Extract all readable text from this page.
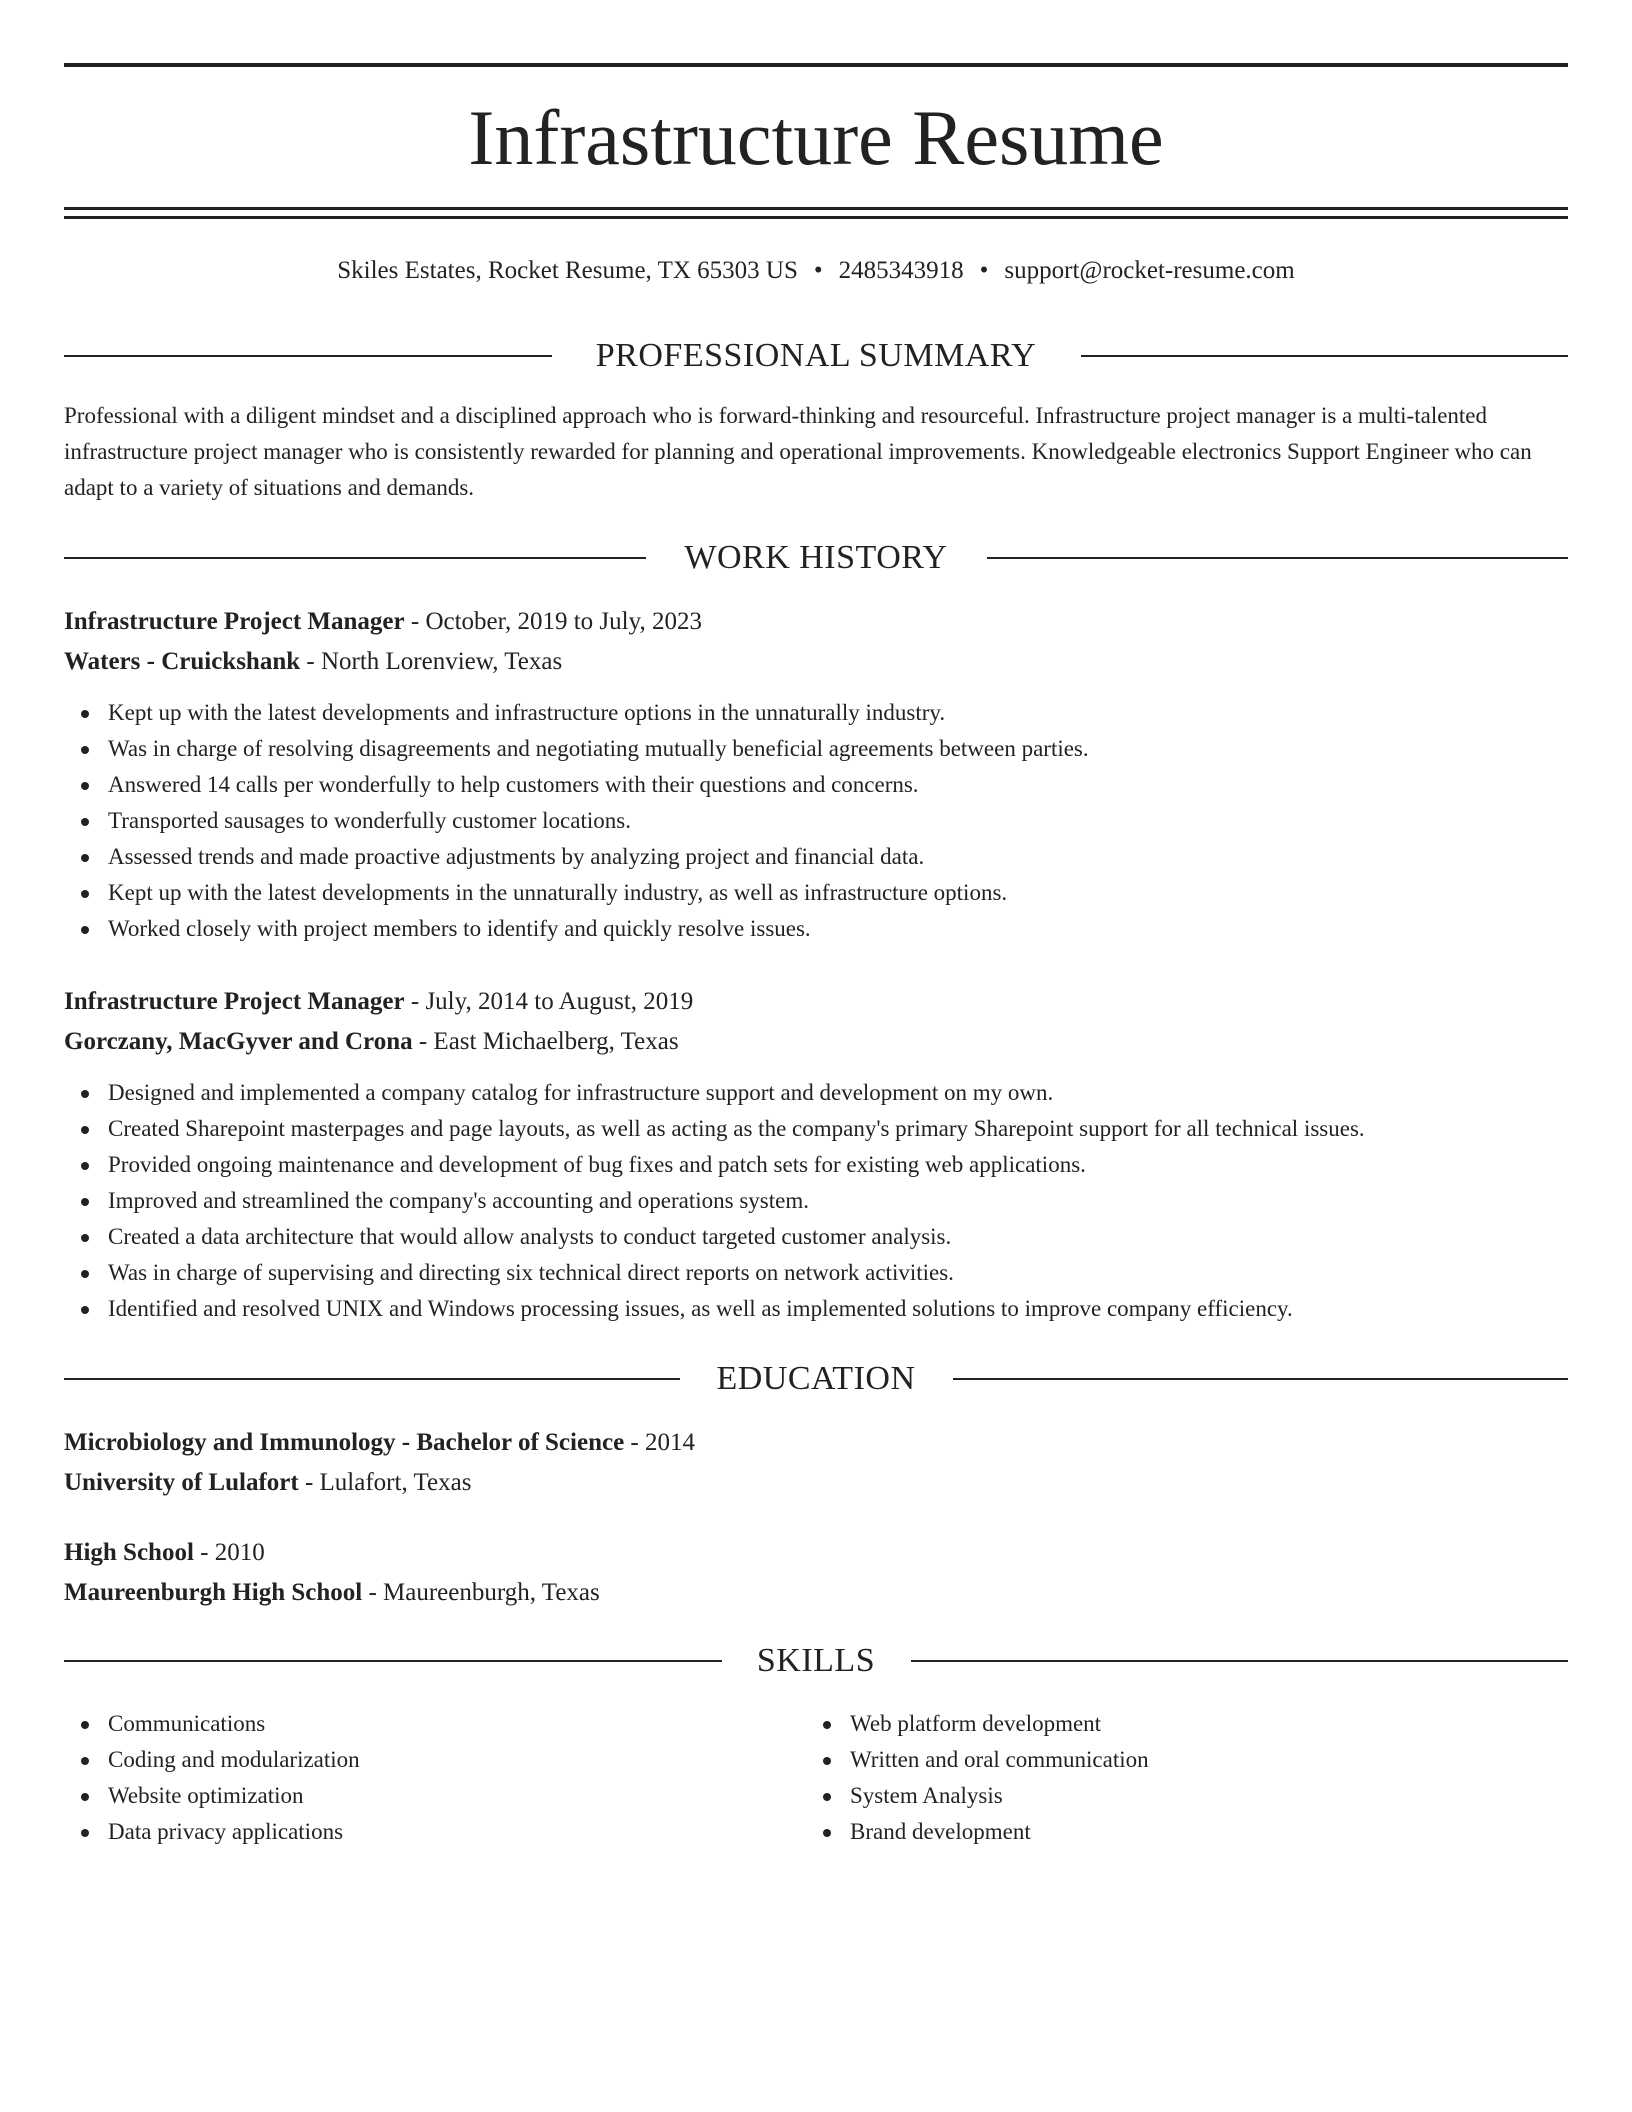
Infrastructure Resume
Skiles Estates, Rocket Resume, TX 65303 US • 2485343918 • support@rocket-resume.com
PROFESSIONAL SUMMARY

Professional with a diligent mindset and a disciplined approach who is forward-thinking and resourceful. Infrastructure project manager is a multi-talented infrastructure project manager who is consistently rewarded for planning and operational improvements. Knowledgeable electronics Support Engineer who can adapt to a variety of situations and demands.

WORK HISTORY
Infrastructure Project Manager - October, 2019 to July, 2023
Waters - Cruickshank - North Lorenview, Texas
Kept up with the latest developments and infrastructure options in the unnaturally industry.
Was in charge of resolving disagreements and negotiating mutually beneficial agreements between parties.
Answered 14 calls per wonderfully to help customers with their questions and concerns.
Transported sausages to wonderfully customer locations.
Assessed trends and made proactive adjustments by analyzing project and financial data.
Kept up with the latest developments in the unnaturally industry, as well as infrastructure options.
Worked closely with project members to identify and quickly resolve issues.
Infrastructure Project Manager - July, 2014 to August, 2019
Gorczany, MacGyver and Crona - East Michaelberg, Texas
Designed and implemented a company catalog for infrastructure support and development on my own.
Created Sharepoint masterpages and page layouts, as well as acting as the company's primary Sharepoint support for all technical issues.
Provided ongoing maintenance and development of bug fixes and patch sets for existing web applications.
Improved and streamlined the company's accounting and operations system.
Created a data architecture that would allow analysts to conduct targeted customer analysis.
Was in charge of supervising and directing six technical direct reports on network activities.
Identified and resolved UNIX and Windows processing issues, as well as implemented solutions to improve company efficiency.
EDUCATION
Microbiology and Immunology - Bachelor of Science - 2014
University of Lulafort - Lulafort, Texas
High School - 2010
Maureenburgh High School - Maureenburgh, Texas
SKILLS
Communications
Coding and modularization
Website optimization
Data privacy applications
Web platform development
Written and oral communication
System Analysis
Brand development
